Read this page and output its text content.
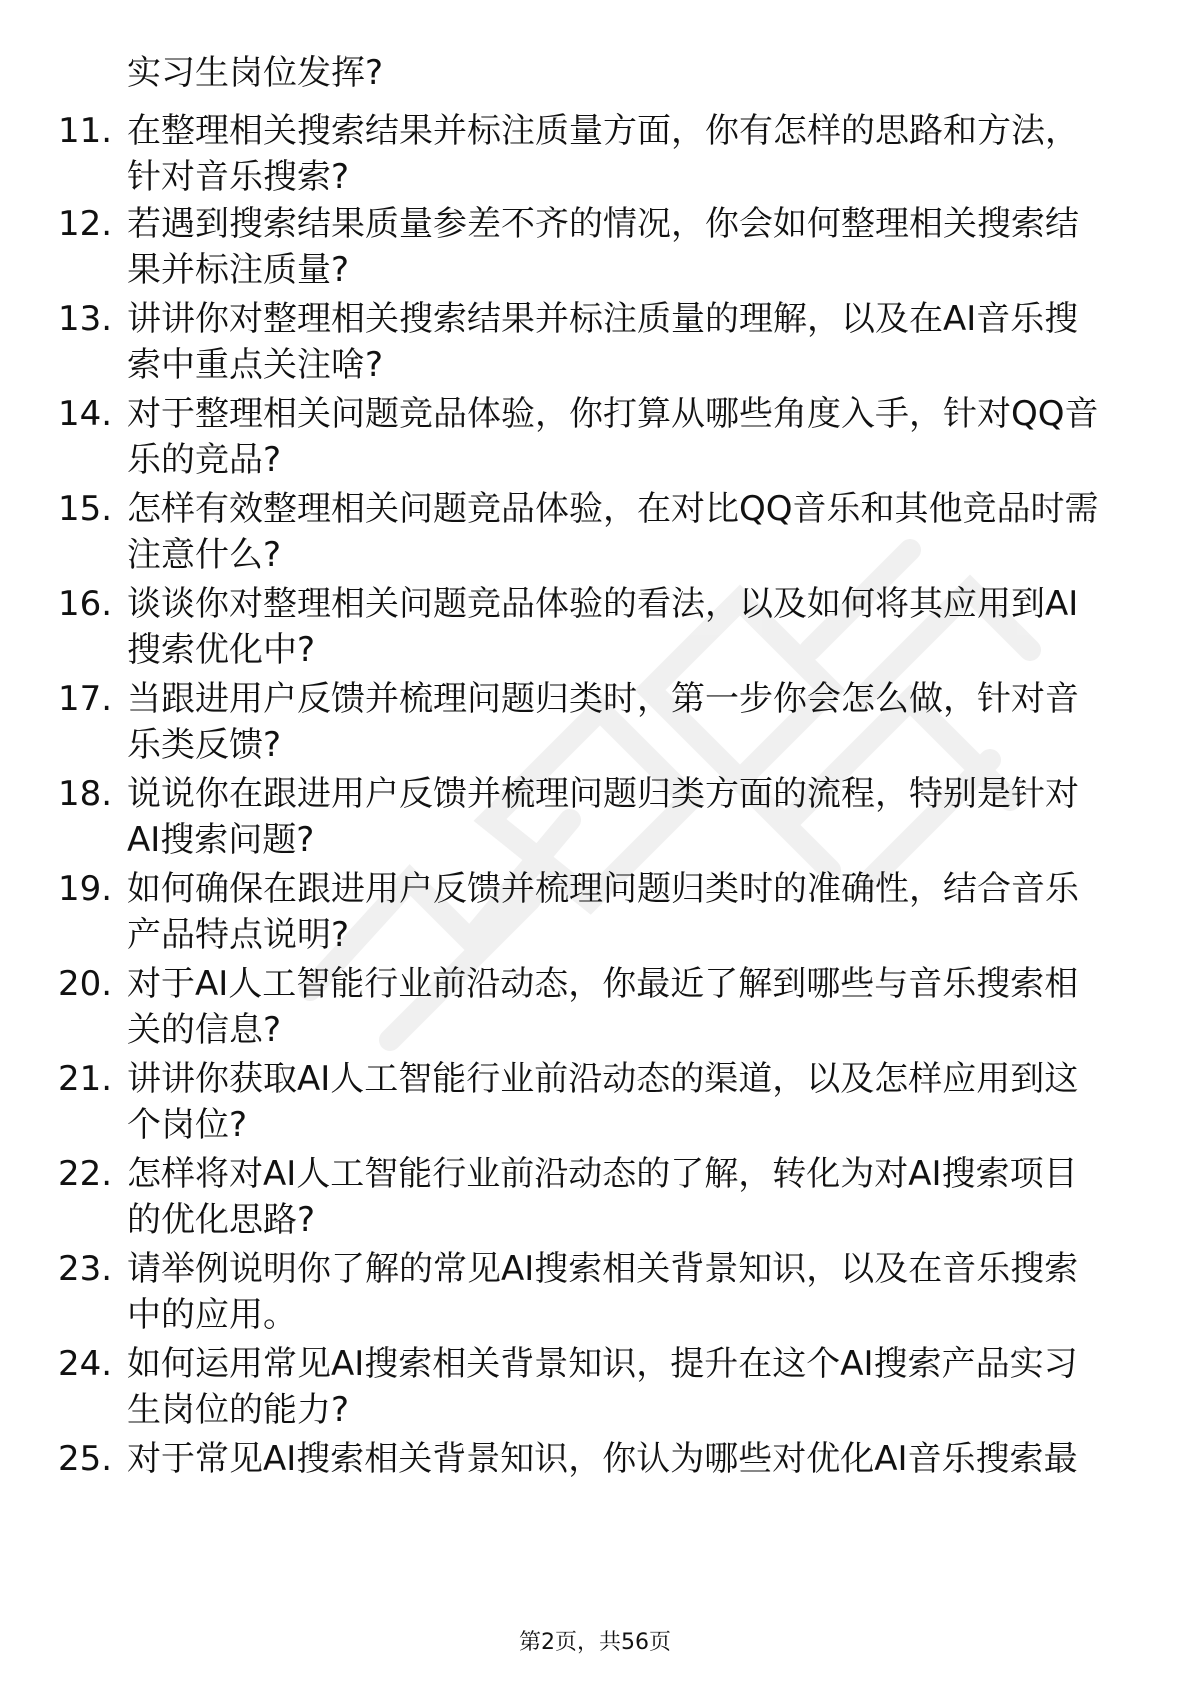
实习生岗位发挥?
11. 在整理相关搜索结果并标注质量方面，你有怎样的思路和方法，
针对音乐搜索?
12. 若遇到搜索结果质量参差不齐的情况，你会如何整理相关搜索结
果并标注质量?
13. 讲讲你对整理相关搜索结果并标注质量的理解，以及在AI音乐搜
索中重点关注啥?
14. 对于整理相关问题竞品体验，你打算从哪些角度入手，针对QQ音
乐的竞品?
15. 怎样有效整理相关问题竞品体验，在对比QQ音乐和其他竞品时需
注意什么?
16. 谈谈你对整理相关问题竞品体验的看法，以及如何将其应用到AI
搜索优化中?
17. 当跟进用户反馈并梳理问题归类时，第一步你会怎么做，针对音
乐类反馈?
18. 说说你在跟进用户反馈并梳理问题归类方面的流程，特别是针对
AI搜索问题?
19. 如何确保在跟进用户反馈并梳理问题归类时的准确性，结合音乐
产品特点说明?
20. 对于AI人工智能行业前沿动态，你最近了解到哪些与音乐搜索相
关的信息?
21. 讲讲你获取AI人工智能行业前沿动态的渠道，以及怎样应用到这
个岗位?
22. 怎样将对AI人工智能行业前沿动态的了解，转化为对AI搜索项目
的优化思路?
23. 请举例说明你了解的常见AI搜索相关背景知识，以及在音乐搜索
中的应用。
24. 如何运用常见AI搜索相关背景知识，提升在这个AI搜索产品实习
生岗位的能力?
25. 对于常见AI搜索相关背景知识，你认为哪些对优化AI音乐搜索最
第2页，共56页
